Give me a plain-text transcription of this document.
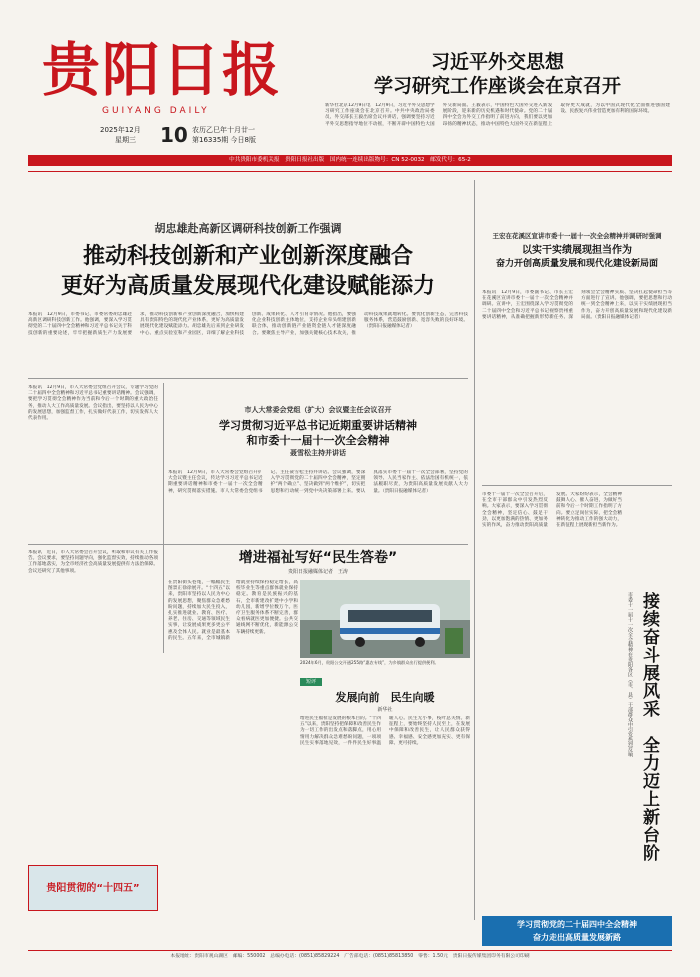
贵阳日报
GUIYANG DAILY
2025年12月
星期三 10 农历乙巳年十月廿一
第16335期 今日8版
中共贵阳市委机关报　贵阳日报社出版　国内统一连续出版物号：CN 52-0032　邮发代号：65-2
习近平外交思想
学习研究工作座谈会在京召开
新华社北京12月9日电　12月9日，习近平外交思想学习研究工作座谈会在北京召开。中共中央政治局委员、外交部长王毅出席会议并讲话，强调要坚持习近平外交思想指导地位不动摇，不断开辟中国特色大国外交新局面。王毅表示，中国特色大国外交进入新发展阶段，迎来新的历史机遇和时代使命。党的二十届四中全会为外交工作指明了前进方向，我们要以更加昂扬的精神状态，推动中国特色大国外交在新征程上取得更大成就，为以中国式现代化全面推进强国建设、民族复兴伟业营造更加有利的国际环境。
胡忠雄赴高新区调研科技创新工作强调
推动科技创新和产业创新深度融合
更好为高质量发展现代化建设赋能添力
本报讯　12月9日，市委书记、市委常委胡忠雄赴高新区调研科技创新工作。他强调，要深入学习贯彻党的二十届四中全会精神和习近平总书记关于科技创新的重要论述，牢牢把握新质生产力发展要求，推动科技创新和产业创新深度融合，加快构建具有贵阳特色的现代化产业体系，更好为高质量发展现代化建设赋能添力。胡忠雄先后来到企业研发中心、重点实验室和产业园区，详细了解企业科技创新、成果转化、人才引育等情况。他指出，要强化企业科技创新主体地位，支持企业牵头组建创新联合体，推动创新链产业链资金链人才链深度融合。要聚焦主导产业，加强关键核心技术攻关，推动科技成果就地转化。要优化创新生态，完善科技服务体系，营造鼓励创新、宽容失败的良好环境。（贵阳日报融媒体记者）
王宏在花溪区宣讲市委十一届十一次全会精神并调研时强调
以实干实绩展现担当作为
奋力开创高质量发展和现代化建设新局面
本报讯　12月9日，市委副书记、市长王宏在花溪区宣讲市委十一届十一次全会精神并调研。宣讲中，王宏围绕深入学习贯彻党的二十届四中全会和习近平总书记视察贵州重要讲话精神，从准确把握新形势新任务、深刻领会全会精神实质、坚决扛起使命担当等方面进行了宣讲。他强调，要把思想和行动统一到全会精神上来，以实干实绩展现担当作为，奋力开创高质量发展和现代化建设新局面。（贵阳日报融媒体记者）
本报讯　12月9日，市人大常委会党组召开会议，专题学习党的二十届四中全会精神和习近平总书记重要讲话精神。会议强调，要把学习贯彻全会精神作为当前和今后一个时期的重大政治任务，推动人大工作高质量发展。会议指出，要坚持以人民为中心的发展思想，加强监督工作，扎实做好代表工作，切实发挥人大代表作用。
市人大常委会党组（扩大）会议暨主任会议召开
学习贯彻习近平总书记近期重要讲话精神
和市委十一届十一次全会精神
聂雪松主持并讲话
本报讯　12月9日，市人大常委会党组召开扩大会议暨主任会议，传达学习习近平总书记近期重要讲话精神和市委十一届十一次全会精神，研究贯彻落实措施。市人大常委会党组书记、主任聂雪松主持并讲话。会议强调，要深入学习贯彻党的二十届四中全会精神，坚定拥护“两个确立”、坚决做到“两个维护”，切实把思想和行动统一到党中央决策部署上来。要认真落实市委十一届十一次全会部署，坚持党的领导、人民当家作主、依法治国有机统一，依法履职尽责，为贵阳高质量发展贡献人大力量。（贵阳日报融媒体记者）
市委十一届十一次全会召开后，在全市干部群众中引发热烈反响。大家表示，要深入学习贯彻全会精神，坚定信心、鼓足干劲，以更加饱满的热情、更加务实的作风，奋力推动贵阳高质量发展。大家纷纷表示，全会精神鼓舞人心、催人奋进，为做好当前和今后一个时期工作指明了方向。要立足岗位实际，把全会精神转化为推动工作的强大动力，在新征程上展现新担当新作为。
接续奋斗展风采　全力迈上新台阶
市委十一届十一次全会精神在贵阳各区（市、县）干部群众中引发热烈反响
增进福祉写好“民生答卷”
贵阳日报融媒体记者　王涛
在贵阳街头巷尾，一幅幅民生图景正徐徐展开。“十四五”以来，贵阳市坚持以人民为中心的发展思想，聚焦群众急难愁盼问题，持续加大民生投入，扎实推进就业、教育、医疗、养老、住房、交通等领域民生实事，让发展成果更多更公平惠及全体人民。就业是最基本的民生。五年来，全市城镇新增就业持续保持稳定增长，高校毕业生等重点群体就业保持稳定。教育是民族振兴的基石，全市新建改扩建中小学和幼儿园，新增学位数万个。医疗卫生服务体系不断完善，群众看病就医更加便捷。公共交通线网不断优化，新能源公交车辆持续更新。
2024年6月，贵阳公交开通255路“惠农专线”，为乡镇群众出行提供便利。
短评
发展向前　民生向暖
新华社
增进民生福祉是发展的根本目的。“十四五”以来，贵阳坚持把保障和改善民生作为一切工作的出发点和落脚点，用心用情用力解决群众急难愁盼问题，一项项民生实事落地见效，一件件民生好事温暖人心。民生无小事，枝叶总关情。新征程上，要始终坚持人民至上，在发展中保障和改善民生，让人民群众获得感、幸福感、安全感更加充实、更有保障、更可持续。
本报讯　近日，市人大常委会召开会议，听取和审议有关工作报告。会议要求，要坚持问题导向，强化监督实效，持续推动各项工作落地落实，为全市经济社会高质量发展提供有力法治保障。会议还研究了其他事项。
贵阳贯彻的“十四五”
学习贯彻党的二十届四中全会精神
奋力走出高质量发展新路
本报地址：贵阳市观山湖区　邮编：550002　总编办电话：(0851)85829224　广告部电话：(0851)85813850　零售：1.50元　贵阳日报传媒集团印务有限公司印刷
